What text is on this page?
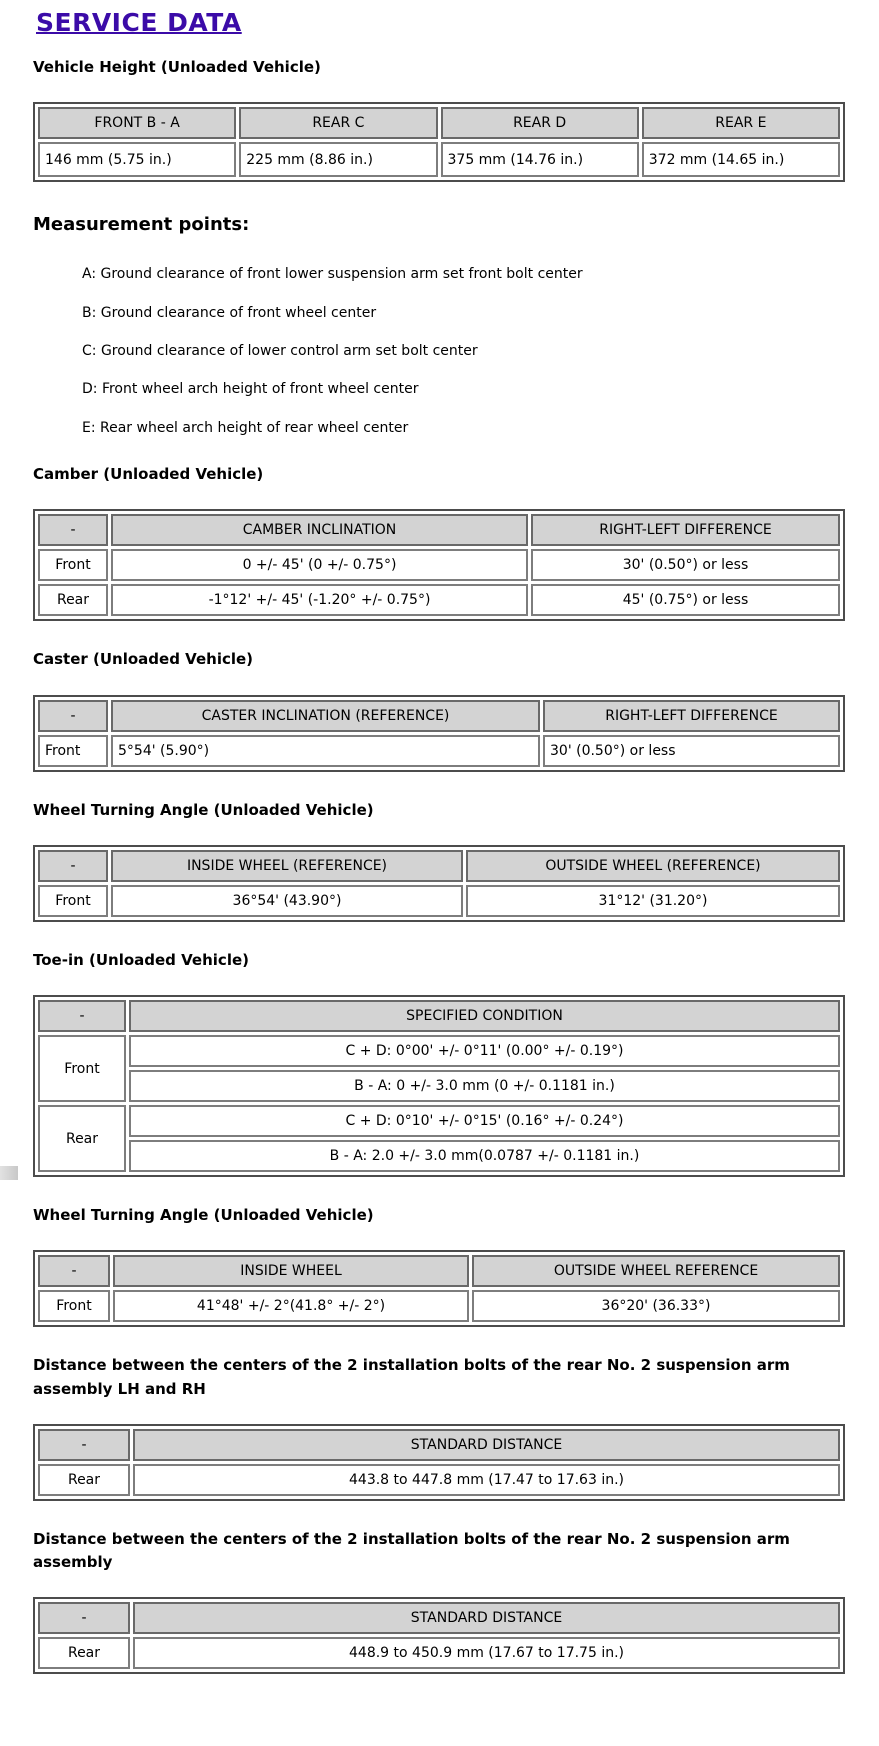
SERVICE DATA
Vehicle Height (Unloaded Vehicle)
FRONT B - A	REAR C	REAR D	REAR E
146 mm (5.75 in.)	225 mm (8.86 in.)	375 mm (14.76 in.)	372 mm (14.65 in.)
Measurement points:
A: Ground clearance of front lower suspension arm set front bolt center
B: Ground clearance of front wheel center
C: Ground clearance of lower control arm set bolt center
D: Front wheel arch height of front wheel center
E: Rear wheel arch height of rear wheel center
Camber (Unloaded Vehicle)
-	CAMBER INCLINATION	RIGHT-LEFT DIFFERENCE
Front	0 +/- 45' (0 +/- 0.75°)	30' (0.50°) or less
Rear	-1°12' +/- 45' (-1.20° +/- 0.75°)	45' (0.75°) or less
Caster (Unloaded Vehicle)
-	CASTER INCLINATION (REFERENCE)	RIGHT-LEFT DIFFERENCE
Front	5°54' (5.90°)	30' (0.50°) or less
Wheel Turning Angle (Unloaded Vehicle)
-	INSIDE WHEEL (REFERENCE)	OUTSIDE WHEEL (REFERENCE)
Front	36°54' (43.90°)	31°12' (31.20°)
Toe-in (Unloaded Vehicle)
-	SPECIFIED CONDITION
Front	C + D: 0°00' +/- 0°11' (0.00° +/- 0.19°)
	B - A: 0 +/- 3.0 mm (0 +/- 0.1181 in.)
Rear	C + D: 0°10' +/- 0°15' (0.16° +/- 0.24°)
	B - A: 2.0 +/- 3.0 mm(0.0787 +/- 0.1181 in.)
Wheel Turning Angle (Unloaded Vehicle)
-	INSIDE WHEEL	OUTSIDE WHEEL REFERENCE
Front	41°48' +/- 2°(41.8° +/- 2°)	36°20' (36.33°)
Distance between the centers of the 2 installation bolts of the rear No. 2 suspension arm assembly LH and RH
-	STANDARD DISTANCE
Rear	443.8 to 447.8 mm (17.47 to 17.63 in.)
Distance between the centers of the 2 installation bolts of the rear No. 2 suspension arm assembly
-	STANDARD DISTANCE
Rear	448.9 to 450.9 mm (17.67 to 17.75 in.)
